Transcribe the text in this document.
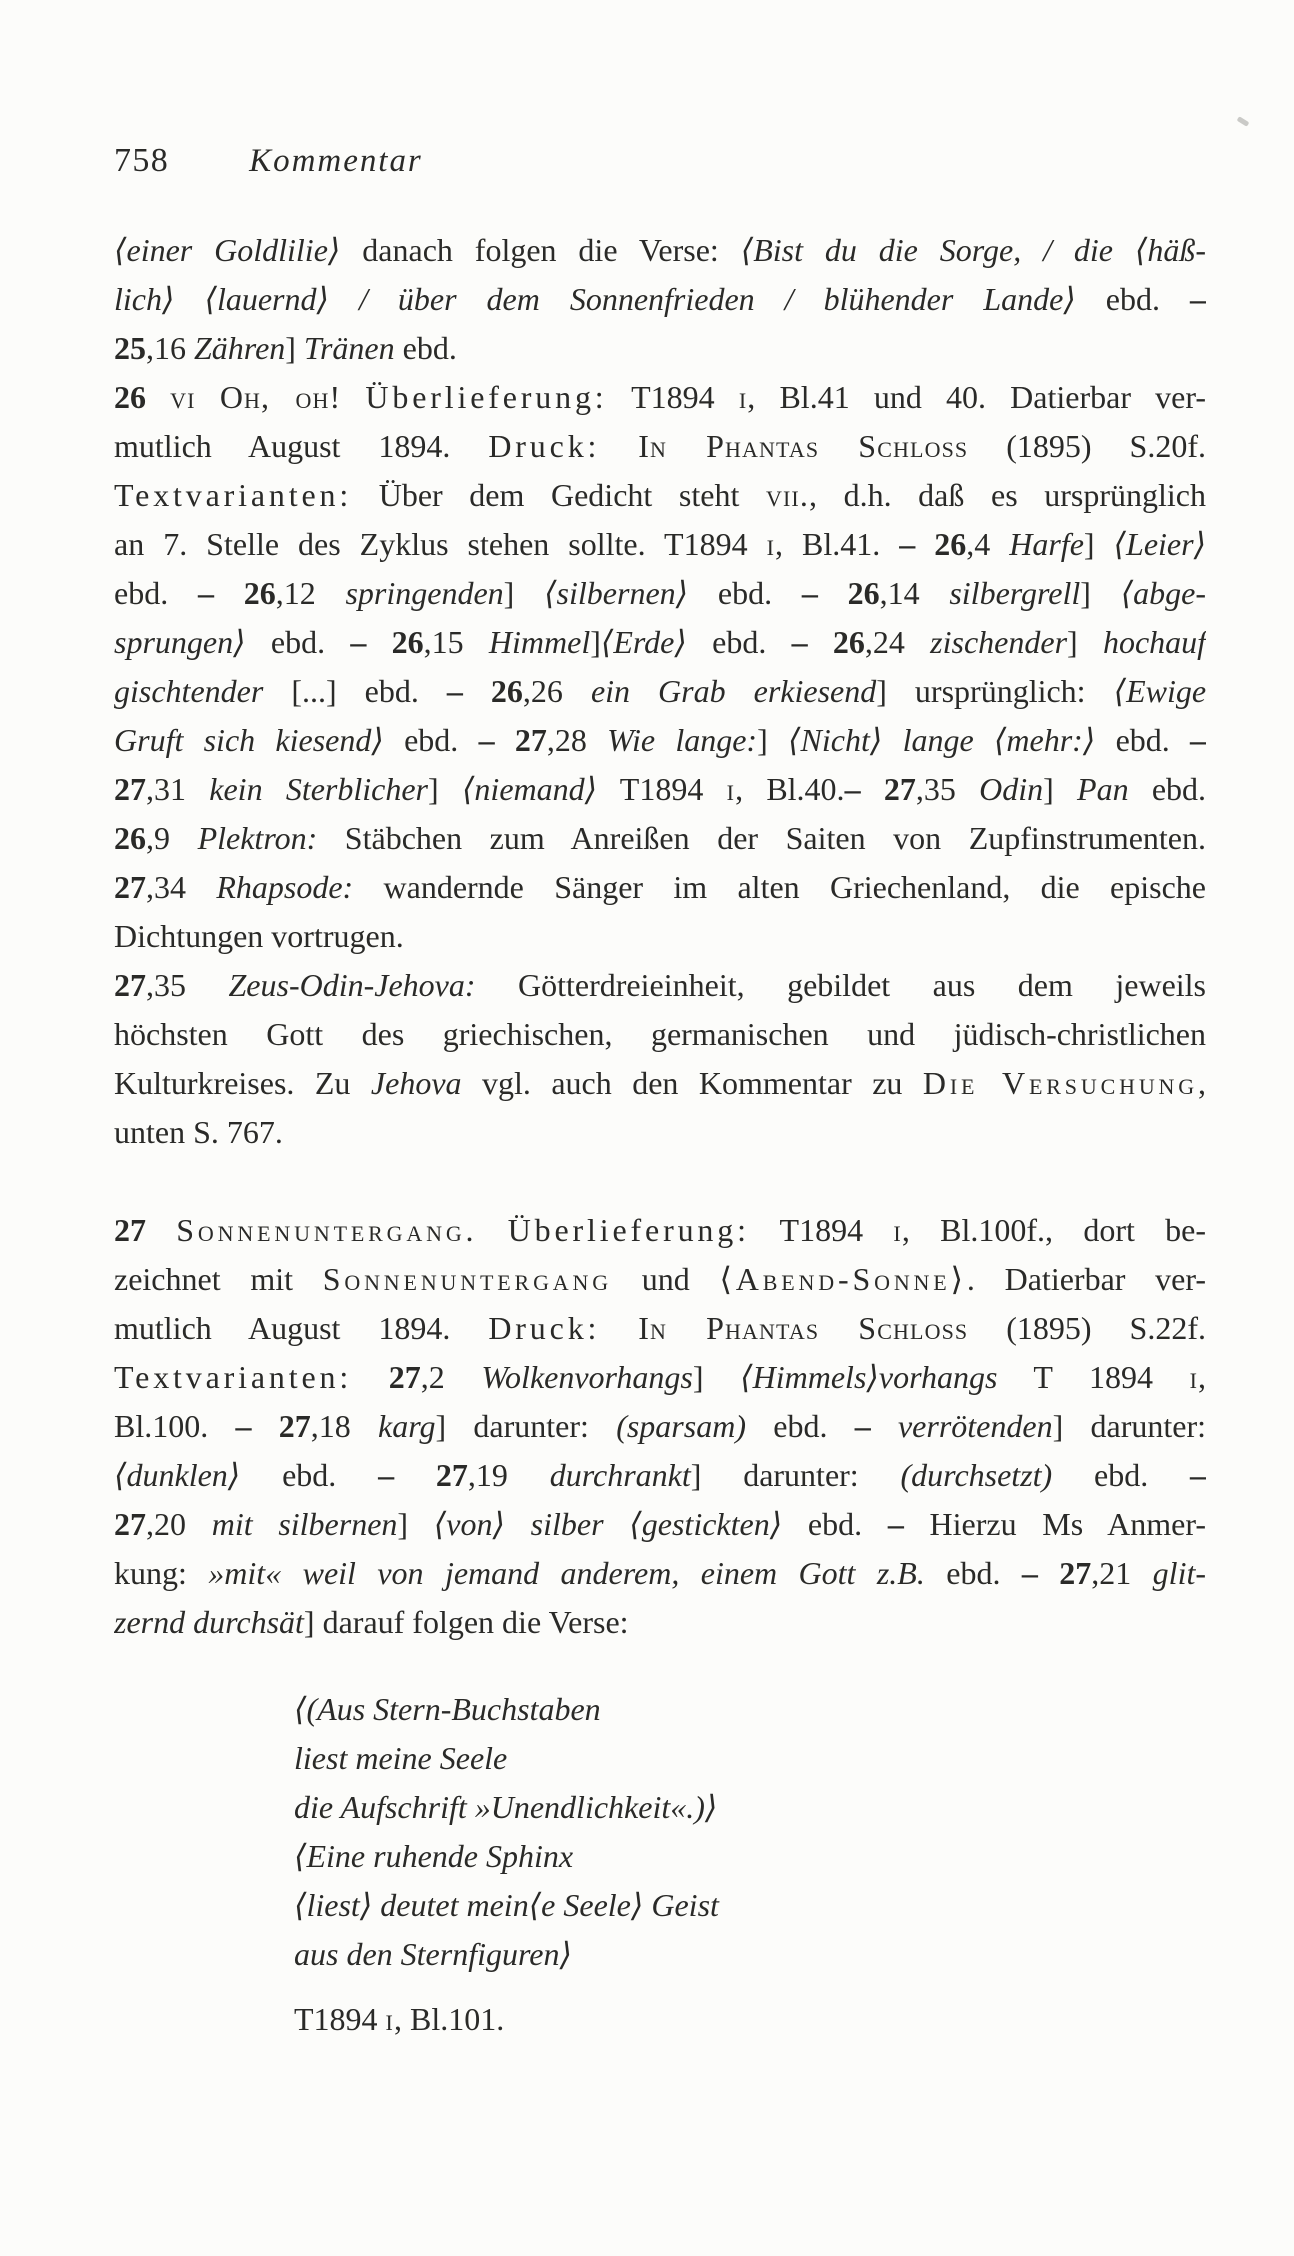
758 Kommentar
⟨einer Goldlilie⟩ danach folgen die Verse: ⟨Bist du die Sorge, / die ⟨häß-
lich⟩ ⟨lauernd⟩ / über dem Sonnenfrieden / blühender Lande⟩ ebd. –
25,16 Zähren] Tränen ebd.
26 vi Oh, oh! Überlieferung: T1894 i, Bl.41 und 40. Datierbar ver-
mutlich August 1894. Druck: In Phantas Schloss (1895) S.20f.
Textvarianten: Über dem Gedicht steht vii., d.h. daß es ursprünglich
an 7. Stelle des Zyklus stehen sollte. T1894 i, Bl.41. – 26,4 Harfe] ⟨Leier⟩
ebd. – 26,12 springenden] ⟨silbernen⟩ ebd. – 26,14 silbergrell] ⟨abge-
sprungen⟩ ebd. – 26,15 Himmel]⟨Erde⟩ ebd. – 26,24 zischender] hochauf
gischtender [...] ebd. – 26,26 ein Grab erkiesend] ursprünglich: ⟨Ewige
Gruft sich kiesend⟩ ebd. – 27,28 Wie lange:] ⟨Nicht⟩ lange ⟨mehr:⟩ ebd. –
27,31 kein Sterblicher] ⟨niemand⟩ T1894 i, Bl.40.– 27,35 Odin] Pan ebd.
26,9 Plektron: Stäbchen zum Anreißen der Saiten von Zupfinstrumenten.
27,34 Rhapsode: wandernde Sänger im alten Griechenland, die epische
Dichtungen vortrugen.
27,35 Zeus-Odin-Jehova: Götterdreieinheit, gebildet aus dem jeweils
höchsten Gott des griechischen, germanischen und jüdisch-christlichen
Kulturkreises. Zu Jehova vgl. auch den Kommentar zu Die Versuchung,
unten S. 767.
27 Sonnenuntergang. Überlieferung: T1894 i, Bl.100f., dort be-
zeichnet mit Sonnenuntergang und ⟨Abend-Sonne⟩. Datierbar ver-
mutlich August 1894. Druck: In Phantas Schloss (1895) S.22f.
Textvarianten: 27,2 Wolkenvorhangs] ⟨Himmels⟩vorhangs T 1894 i,
Bl.100. – 27,18 karg] darunter: (sparsam) ebd. – verrötenden] darunter:
⟨dunklen⟩ ebd. – 27,19 durchrankt] darunter: (durchsetzt) ebd. –
27,20 mit silbernen] ⟨von⟩ silber ⟨gestickten⟩ ebd. – Hierzu Ms Anmer-
kung: »mit« weil von jemand anderem, einem Gott z.B. ebd. – 27,21 glit-
zernd durchsät] darauf folgen die Verse:
⟨(Aus Stern-Buchstaben
liest meine Seele
die Aufschrift »Unendlichkeit«.)⟩
⟨Eine ruhende Sphinx
⟨liest⟩ deutet mein⟨e Seele⟩ Geist
aus den Sternfiguren⟩
T1894 i, Bl.101.
